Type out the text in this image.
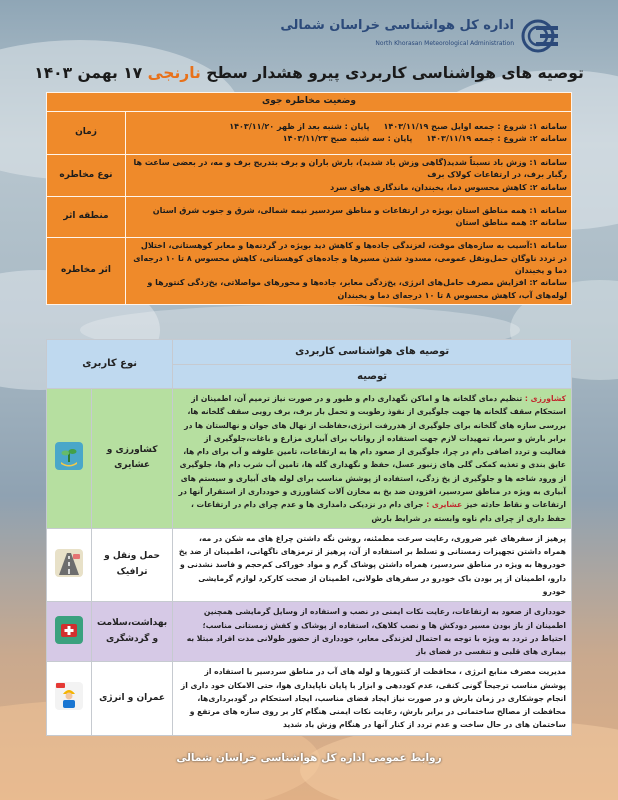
اداره کل هواشناسی خراسان شمالی
North Khorasan Meteorological Administration
توصیه های هواشناسی کاربردی پیرو هشدار سطح نارنجی ۱۷ بهمن ۱۴۰۳
وضعیت مخاطره جوی	

سامانه ۱: شروع : جمعه اوایل صبح ۱۴۰۳/۱۱/۱۹پایان : شنبه بعد از ظهر ۱۴۰۳/۱۱/۲۰
سامانه ۲: شروع : جمعه ۱۴۰۳/۱۱/۱۹پایان : سه شنبه صبح ۱۴۰۳/۱۱/۲۳	زمان

سامانه ۱: وزش باد نسبتاً شدید(گاهی وزش باد شدید)، بارش باران و برف بتدریج برف و مه، در بعضی ساعت ها رگبار برف، در ارتفاعات کولاک برف
سامانه ۲: کاهش محسوس دما، یخبندان، ماندگاری هوای سرد	نوع مخاطره

سامانه ۱: همه مناطق استان بویژه در ارتفاعات و مناطق سردسیر نیمه شمالی، شرق و جنوب شرق استان
سامانه ۲: همه مناطق استان	منطقه اثر

سامانه ۱:آسیب به سازه‌های موقت، لغزندگی جاده‌ها و کاهش دید بویژه در گردنه‌ها و معابر کوهستانی، اختلال در تردد ناوگان حمل‌ونقل عمومی، مسدود شدن مسیرها و جاده‌های کوهستانی، کاهش محسوس ۸ تا ۱۰ درجه‌ای دما و یخبندان
سامانه ۲: افزایش مصرف حامل‌های انرژی، یخ‌زدگی معابر، جاده‌ها و محورهای مواصلاتی، یخ‌زدگی کنتورها و لوله‌های آب، کاهش محسوس ۸ تا ۱۰ درجه‌ای دما و یخبندان	اثر مخاطره
توصیه های هواشناسی کاربردی	نوع کاربری	
توصیه		
کشاورزی : تنظیم دمای گلخانه ها و اماکن نگهداری دام و طیور و در صورت نیاز ترمیم آن، اطمینان از استحکام سقف گلخانه ها جهت جلوگیری از نفوذ رطوبت و تحمل بار برف، برف روبی سقف گلخانه ها، بررسی سازه های گلخانه برای جلوگیری از هدررفت انرژی،حفاظت از نهال های جوان و نهالستان ها در برابر بارش و سرما، تمهیدات لازم جهت استفاده از رواناب برای آبیاری مزارع و باغات،جلوگیری از فعالیت و تردد اضافی دام در چرا، جلوگیری از صعود دام ها به ارتفاعات، تامین علوفه و آب برای دام ها، عایق بندی و تغذیه کمکی گلی های زنبور عسل، حفظ و نگهداری گله ها، تامین آب شرب دام ها، جلوگیری از ورود شاخه ها و جلوگیری از یخ زدگی، استفاده از پوشش مناسب برای لوله های آبیاری و سیستم های آبیاری به ویژه در مناطق سردسیر، افزودن ضد یخ به مخازن آلات کشاورزی و خودداری از استقرار آنها در ارتفاعات و نقاط حادثه خیز عشایری : جرای دام در نزدیکی دامداری ها و عدم چرای دام در ارتفاعات ، حفظ داری از چرای دام ناوه وابسته در شرایط بارش	کشاورزی و عشایری	
پرهیز از سفرهای غیر ضروری، رعایت سرعت مطمئنه، روشن نگه داشتن چراغ های مه شکن در مه، همراه داشتن تجهیزات زمستانی و تسلط بر استفاده از آن، پرهیز از ترمزهای ناگهانی، اطمینان از ضد یخ خودروها به ویژه در مناطق سردسیر، همراه داشتن پوشاک گرم و مواد خوراکی کم‌حجم و فاسد نشدنی و دارو، اطمینان از پر بودن باک خودرو در سفرهای طولانی، اطمینان از صحت کارکرد لوازم گرمایشی خودرو	حمل ونقل و ترافیک	
خودداری از صعود به ارتفاعات، رعایت نکات ایمنی در نصب و استفاده از وسایل گرمایشی همچنین اطمینان از باز بودن مسیر دودکش ها و نصب کلاهک، استفاده از پوشاک و کفش زمستانی مناسب؛ احتیاط در تردد به ویژه با توجه به احتمال لغزندگی معابر، خودداری از حضور طولانی مدت افراد مبتلا به بیماری های قلبی و تنفسی در فضای باز	بهداشت،سلامت و گردشگری	
مدیریت مصرف منابع انرژی ، محافظت از کنتورها و لوله های آب در مناطق سردسیر با استفاده از پوشش مناسب ترجیحاً گونی کنفی، عدم کوددهی و ابزار با پایان ناپایداری هوا، حتی الامکان خود داری از انجام جوشکاری در زمان بارش و در صورت نیاز ایجاد فضای مناسب، ایجاد استحکام در گودبرداری‌ها، محافظت از مصالح ساختمانی در برابر بارش، رعایت نکات ایمنی هنگام کار بر روی سازه های مرتفع و ساختمان های در حال ساخت و عدم تردد از کنار آنها در هنگام وزش باد شدید	عمران و انرژی	
روابط عمومی اداره کل هواشناسی خراسان شمالی
